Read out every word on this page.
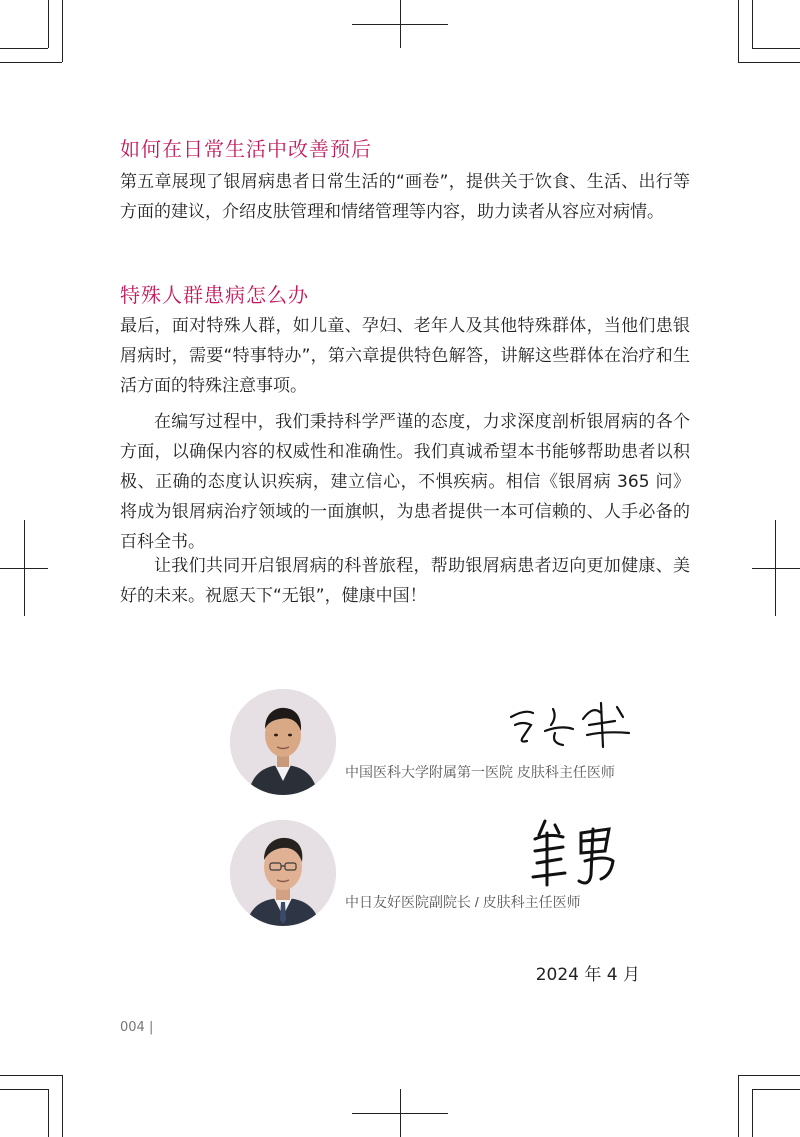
如何在日常生活中改善预后

第五章展现了银屑病患者日常生活的“画卷”，提供关于饮食、生活、出行等方面的建议，介绍皮肤管理和情绪管理等内容，助力读者从容应对病情。

特殊人群患病怎么办

最后，面对特殊人群，如儿童、孕妇、老年人及其他特殊群体，当他们患银屑病时，需要“特事特办”，第六章提供特色解答，讲解这些群体在治疗和生活方面的特殊注意事项。

在编写过程中，我们秉持科学严谨的态度，力求深度剖析银屑病的各个方面，以确保内容的权威性和准确性。我们真诚希望本书能够帮助患者以积极、正确的态度认识疾病，建立信心，不惧疾病。相信《银屑病 365 问》将成为银屑病治疗领域的一面旗帜，为患者提供一本可信赖的、人手必备的百科全书。

让我们共同开启银屑病的科普旅程，帮助银屑病患者迈向更加健康、美好的未来。祝愿天下“无银”，健康中国！

中国医科大学附属第一医院 皮肤科主任医师
中日友好医院副院长 / 皮肤科主任医师
2024 年 4 月
004 |
